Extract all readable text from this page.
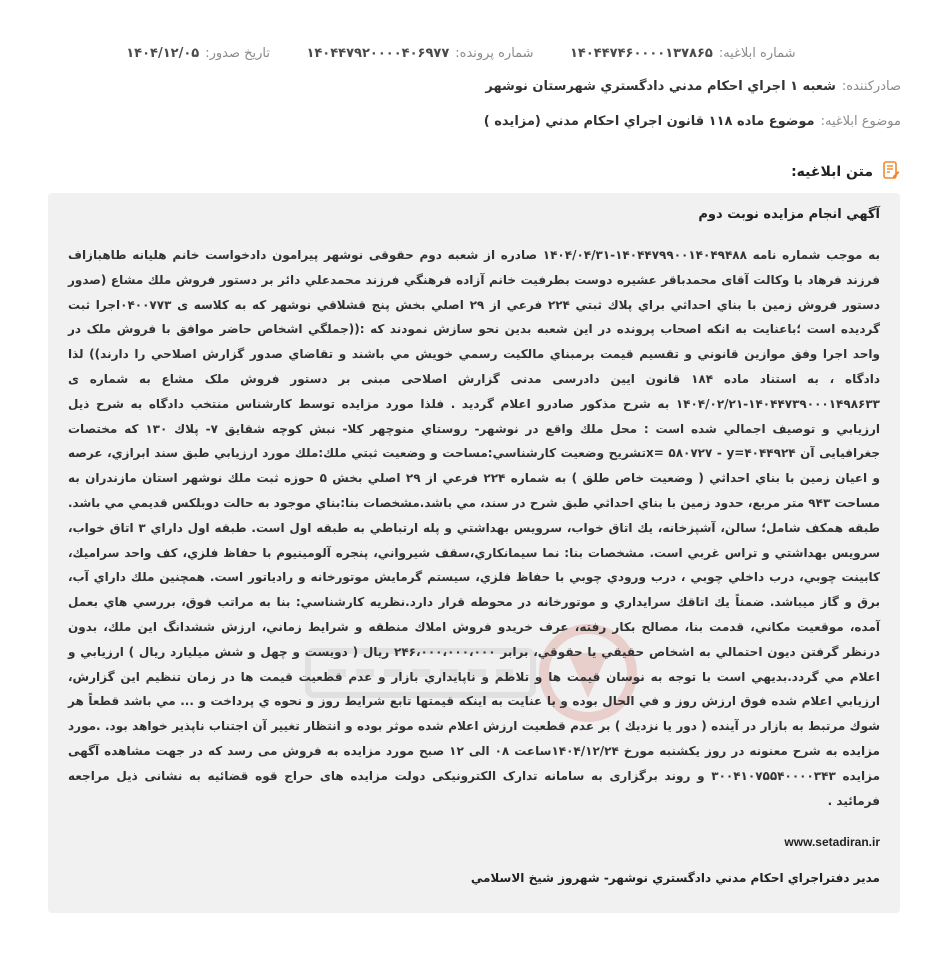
شماره ابلاغيه:
۱۴۰۴۴۷۴۶۰۰۰۰۱۳۷۸۶۵
شماره پرونده:
۱۴۰۴۴۷۹۲۰۰۰۰۴۰۶۹۷۷
تاريخ صدور:
۱۴۰۴/۱۲/۰۵
صادرکننده:
شعبه ۱ اجراي احکام مدني دادگستري شهرستان نوشهر
موضوع ابلاغيه:
موضوع ماده ۱۱۸ قانون اجراي احکام مدني (مزايده )
متن ابلاغيه:

آگهي انجام مزايده نوبت دوم

به موجب شماره نامه ۱۴۰۴۴۷۹۹۰۰۱۴۰۴۹۴۸۸-۱۴۰۴/۰۴/۳۱ صادره از شعبه دوم حقوقی نوشهر پیرامون دادخواست خانم هلیانه طاهبازاف فرزند فرهاد با وکالت آقای محمدباقر عشیره دوست بطرفیت خانم آزاده فرهنگي فرزند محمدعلي دائر بر دستور فروش ملك مشاع (صدور دستور فروش زمین با بناي احداثي براي پلاك ثبتي ۲۲۴ فرعي از ۲۹ اصلي بخش پنج قشلاقي نوشهر كه به كلاسه ی ۰۴۰۰۷۷۳اجرا ثبت گردیده است ؛باعنایت به انكه اصحاب پرونده در این شعبه بدین نحو سازش نمودند كه :((جملگي اشخاص حاضر موافق با فروش ملک در واحد اجرا وفق موازين قانوني و تقسيم قيمت برمبناي مالکيت رسمي خويش مي باشند و تقاضاي صدور گزارش اصلاحي را دارند)) لذا دادگاه ، به استناد ماده ۱۸۴ قانون ایین دادرسی مدنی گزارش اصلاحی مبنی بر دستور فروش ملک مشاع به شماره ی ۱۴۰۴۴۷۳۹۰۰۰۱۴۹۸۶۳۳-۱۴۰۴/۰۲/۲۱ به شرح مذكور صادرو اعلام گرديد . فلذا مورد مزايده توسط كارشناس منتخب دادگاه به شرح ذيل ارزيابي و توصيف اجمالي شده است : محل ملك واقع در نوشهر- روستاي منوچهر كلا- نبش كوچه شقايق ۷- پلاك ۱۳۰ که مختصات جغرافیایی آن x= ۵۸۰۷۲۷ - y=۴۰۴۴۹۲۴تشريح وضعيت كارشناسي:مساحت و وضعيت ثبتي ملك:ملك مورد ارزيابي طبق سند ابرازي، عرصه و اعيان زمين با بناي احداثي ( وضعيت خاص طلق ) به شماره ۲۲۴ فرعي از ۲۹ اصلي بخش ۵ حوزه ثبت ملك نوشهر استان مازندران به مساحت ۹۴۳ متر مربع، حدود زمين با بناي احداثي طبق شرح در سند، مي باشد.مشخصات بنا:بناي موجود به حالت دوبلکس قديمي مي باشد. طبقه همکف شامل؛ سالن، آشپزخانه، يك اتاق خواب، سرويس بهداشتي و پله ارتباطي به طبقه اول است. طبقه اول داراي ۳ اتاق خواب، سرويس بهداشتي و تراس غربي است. مشخصات بنا: نما سيمانكاري،سقف شيرواني، پنجره آلومينيوم با حفاظ فلزي، كف واحد سراميك، كابينت چوبي، درب داخلي چوبي ، درب ورودي چوبي با حفاظ فلزي، سيستم گرمايش موتورخانه و رادياتور است. همچنين ملك داراي آب، برق و گاز ميباشد. ضمناً يك اتاقك سرايداري و موتورخانه در محوطه قرار دارد.نظريه كارشناسي: بنا به مراتب فوق، بررسي هاي بعمل آمده، موقعيت مكاني، قدمت بنا، مصالح بكار رفته، عرف خريدو فروش املاك منطقه و شرايط زماني، ارزش ششدانگ اين ملك، بدون درنظر گرفتن ديون احتمالي به اشخاص حقيقي يا حقوقي، برابر ۲۴۶،۰۰۰،۰۰۰،۰۰۰ ريال ( دويست و چهل و شش ميليارد ريال ) ارزيابي و اعلام مي گردد.بديهي است با توجه به نوسان قيمت ها و تلاطم و ناپايداري بازار و عدم قطعيت قيمت ها در زمان تنظيم اين گزارش، ارزيابي اعلام شده فوق ارزش روز و في الحال بوده و با عنايت به اينكه قيمتها تابع شرايط روز و نحوه ي پرداخت و ... مي باشد قطعاً هر شوك مرتبط به بازار در آينده ( دور يا نزديك ) بر عدم قطعيت ارزش اعلام شده موثر بوده و انتظار تغيير آن اجتناب ناپذير خواهد بود. .مورد مزايده به شرح معنونه در روز يكشنبه مورخ ۱۴۰۴/۱۲/۲۴ساعت ۰۸ الی ۱۲ صبح مورد مزايده به فروش مى رسد كه در جهت مشاهده آگهی مزايده ۳۰۰۴۱۰۷۵۵۴۰۰۰۰۳۴۳ و روند برگزاری به سامانه تدارک الکترونیکی دولت مزايده های حراج قوه قضائیه به نشانی ذیل مراجعه فرمائید .

www.setadiran.ir

مدير دفتراجراي احكام مدني دادگستري نوشهر- شهروز شيخ الاسلامي
